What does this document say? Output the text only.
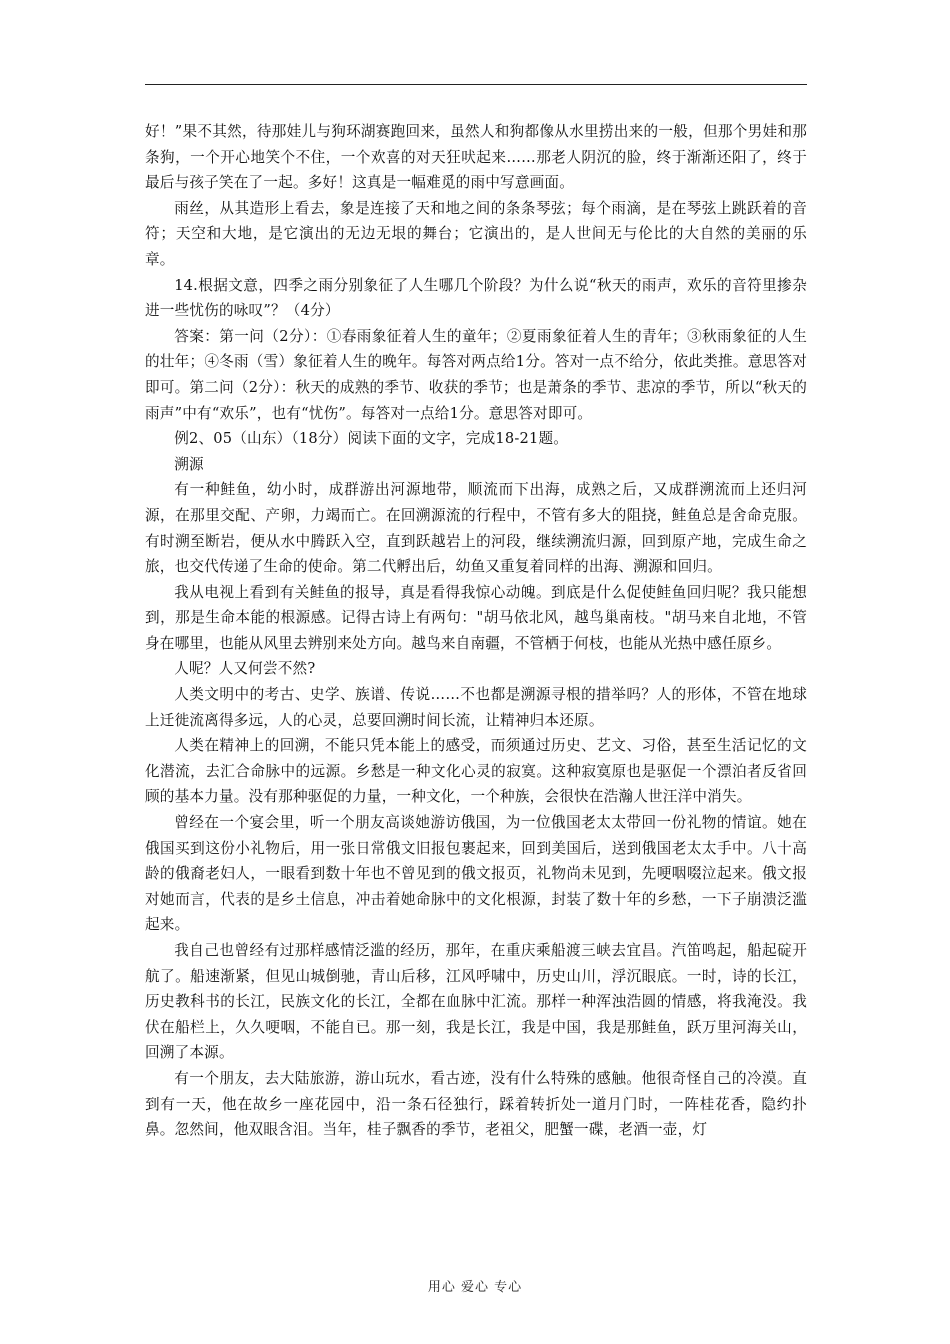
好！”果不其然，待那娃儿与狗环湖赛跑回来，虽然人和狗都像从水里捞出来的一般，但那个男娃和那条狗，一个开心地笑个不住，一个欢喜的对天狂吠起来……那老人阴沉的脸，终于渐渐还阳了，终于最后与孩子笑在了一起。多好！这真是一幅难觅的雨中写意画面。

雨丝，从其造形上看去，象是连接了天和地之间的条条琴弦；每个雨滴，是在琴弦上跳跃着的音符；天空和大地，是它演出的无边无垠的舞台；它演出的，是人世间无与伦比的大自然的美丽的乐章。

14.根据文意，四季之雨分别象征了人生哪几个阶段？为什么说“秋天的雨声，欢乐的音符里掺杂进一些忧伤的咏叹”？（4分）

答案：第一问（2分）：①春雨象征着人生的童年；②夏雨象征着人生的青年；③秋雨象征的人生的壮年；④冬雨（雪）象征着人生的晚年。每答对两点给1分。答对一点不给分，依此类推。意思答对即可。第二问（2分）：秋天的成熟的季节、收获的季节；也是萧条的季节、悲凉的季节，所以“秋天的雨声”中有“欢乐”，也有“忧伤”。每答对一点给1分。意思答对即可。

例2、05（山东）（18分）阅读下面的文字，完成18-21题。

溯源

有一种鲑鱼，幼小时，成群游出河源地带，顺流而下出海，成熟之后，又成群溯流而上还归河源，在那里交配、产卵，力竭而亡。在回溯源流的行程中，不管有多大的阻挠，鲑鱼总是舍命克服。有时溯至断岩，便从水中腾跃入空，直到跃越岩上的河段，继续溯流归源，回到原产地，完成生命之旅，也交代传递了生命的使命。第二代孵出后，幼鱼又重复着同样的出海、溯源和回归。

我从电视上看到有关鲑鱼的报导，真是看得我惊心动魄。到底是什么促使鲑鱼回归呢？我只能想到，那是生命本能的根源感。记得古诗上有两句："胡马依北风，越鸟巢南枝。"胡马来自北地，不管身在哪里，也能从风里去辨别来处方向。越鸟来自南疆，不管栖于何枝，也能从光热中感任原乡。

人呢？人又何尝不然?

人类文明中的考古、史学、族谱、传说……不也都是溯源寻根的措举吗？人的形体，不管在地球上迁徙流离得多远，人的心灵，总要回溯时间长流，让精神归本还原。

人类在精神上的回溯，不能只凭本能上的感受，而须通过历史、艺文、习俗，甚至生活记忆的文化潜流，去汇合命脉中的远源。乡愁是一种文化心灵的寂寞。这种寂寞原也是驱促一个漂泊者反省回顾的基本力量。没有那种驱促的力量，一种文化，一个种族，会很快在浩瀚人世汪洋中消失。

曾经在一个宴会里，听一个朋友高谈她游访俄国，为一位俄国老太太带回一份礼物的情谊。她在俄国买到这份小礼物后，用一张日常俄文旧报包裹起来，回到美国后，送到俄国老太太手中。八十高龄的俄裔老妇人，一眼看到数十年也不曾见到的俄文报页，礼物尚未见到，先哽咽啜泣起来。俄文报对她而言，代表的是乡土信息，冲击着她命脉中的文化根源，封装了数十年的乡愁，一下子崩溃泛滥起来。

我自己也曾经有过那样感情泛滥的经历，那年，在重庆乘船渡三峡去宜昌。汽笛鸣起，船起碇开航了。船速渐紧，但见山城倒驰，青山后移，江风呼啸中，历史山川，浮沉眼底。一时，诗的长江，历史教科书的长江，民族文化的长江，全都在血脉中汇流。那样一种浑浊浩圆的情感，将我淹没。我伏在船栏上，久久哽咽，不能自已。那一刻，我是长江，我是中国，我是那鲑鱼，跃万里河海关山，回溯了本源。

有一个朋友，去大陆旅游，游山玩水，看古迹，没有什么特殊的感触。他很奇怪自己的冷漠。直到有一天，他在故乡一座花园中，沿一条石径独行，踩着转折处一道月门时，一阵桂花香，隐约扑鼻。忽然间，他双眼含泪。当年，桂子飘香的季节，老祖父，肥蟹一碟，老酒一壶，灯

用心 爱心 专心
